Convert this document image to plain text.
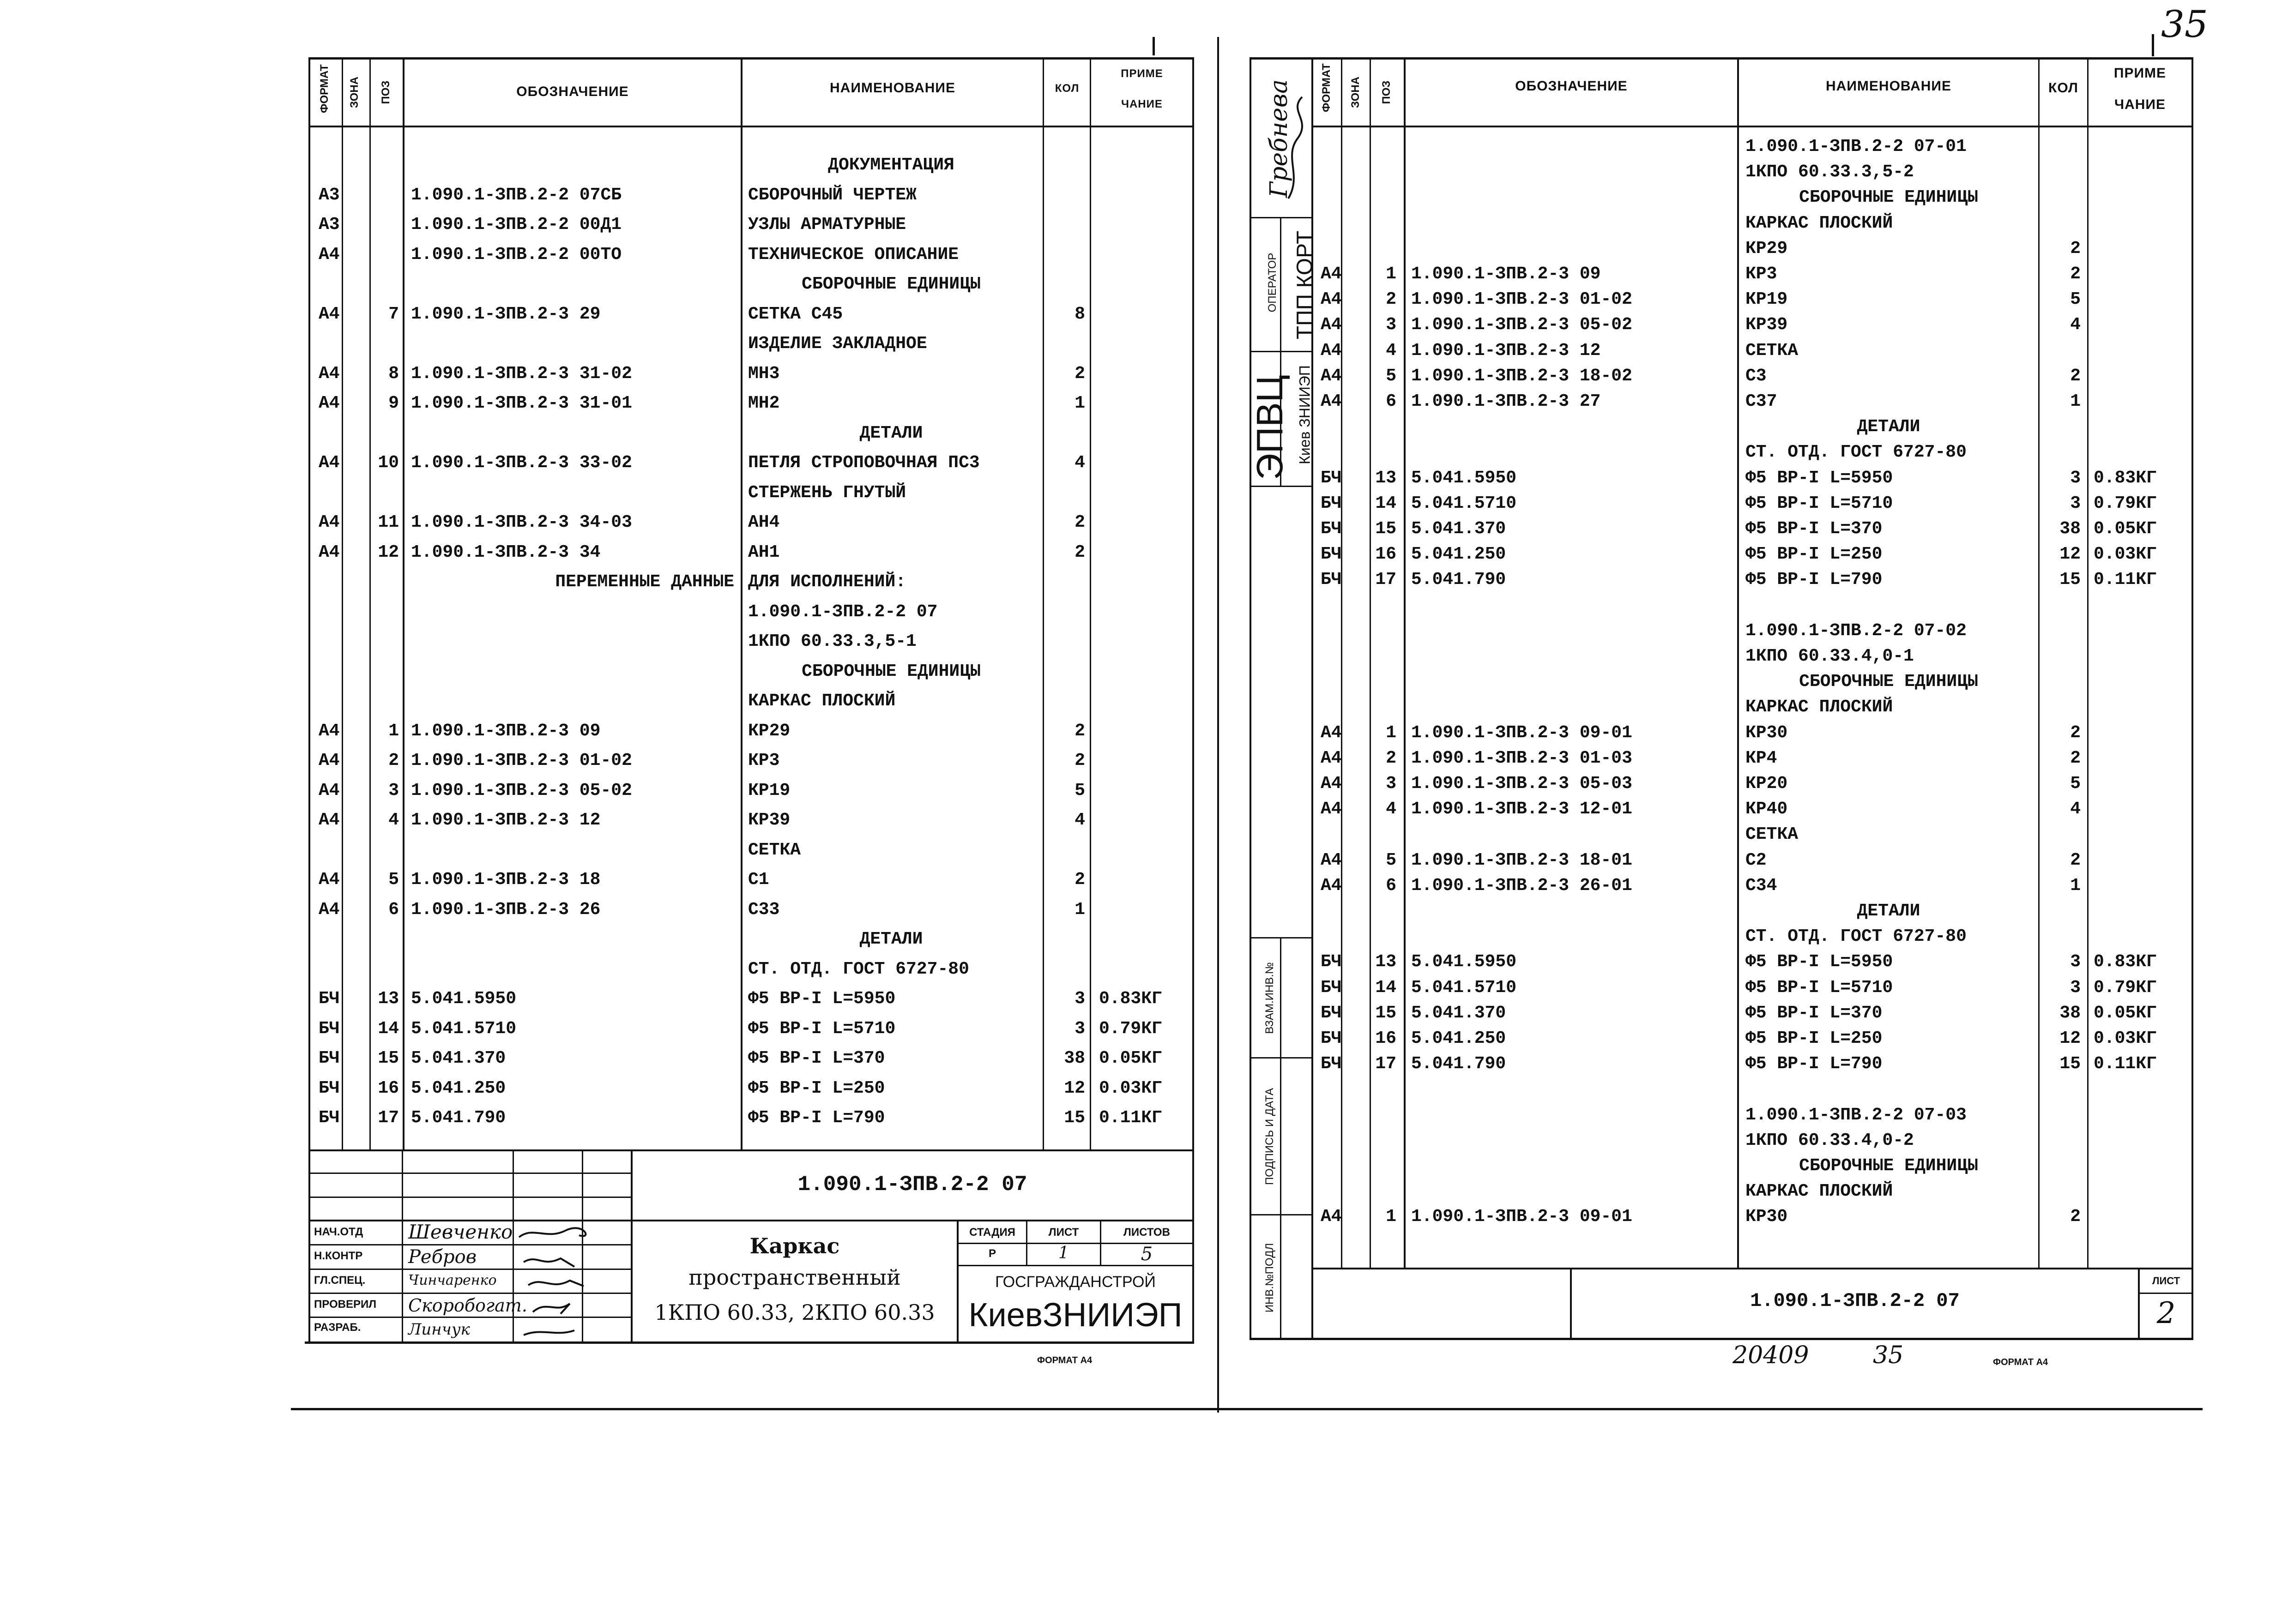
ФОРМАТ ЗОНА ПОЗ	ОБОЗНАЧЕНИЕ	НАИМЕНОВАНИЕ	КОЛ
ПРИМЕ
ЧАНИЕ
ДОКУМЕНТАЦИЯ
А3	1.090.1-ЗПВ.2-2 07СБ	СБОРОЧНЫЙ ЧЕРТЕЖ
А3	1.090.1-ЗПВ.2-2 00Д1	УЗЛЫ АРМАТУРНЫЕ
А4	1.090.1-ЗПВ.2-2 00ТО	ТЕХНИЧЕСКОЕ ОПИСАНИЕ
СБОРОЧНЫЕ ЕДИНИЦЫ
А4	7 1.090.1-ЗПВ.2-3 29	СЕТКА С45	8
ИЗДЕЛИЕ ЗАКЛАДНОЕ
А4	8 1.090.1-ЗПВ.2-3 31-02	МН3	2
А4	9 1.090.1-ЗПВ.2-3 31-01	МН2	1
ДЕТАЛИ
А4	10 1.090.1-ЗПВ.2-3 33-02	ПЕТЛЯ СТРОПОВОЧНАЯ ПС3	4
СТЕРЖЕНЬ ГНУТЫЙ
А4	11 1.090.1-ЗПВ.2-3 34-03	АН4	2
А4	12 1.090.1-ЗПВ.2-3 34	АН1	2
ПЕРЕМЕННЫЕ ДАННЫЕ ДЛЯ ИСПОЛНЕНИЙ:
1.090.1-ЗПВ.2-2 07
1КПО 60.33.3,5-1
СБОРОЧНЫЕ ЕДИНИЦЫ
КАРКАС ПЛОСКИЙ
А4	1 1.090.1-ЗПВ.2-3 09	КР29	2
А4	2 1.090.1-ЗПВ.2-3 01-02	КР3	2
А4	3 1.090.1-ЗПВ.2-3 05-02	КР19	5
А4	4 1.090.1-ЗПВ.2-3 12	КР39	4
СЕТКА
А4	5 1.090.1-ЗПВ.2-3 18	С1	2
А4	6 1.090.1-ЗПВ.2-3 26	С33	1
ДЕТАЛИ
СТ. ОТД. ГОСТ 6727-80
БЧ	13 5.041.5950	Ф5 ВР-I L=5950	3 0.83КГ
БЧ	14 5.041.5710	Ф5 ВР-I L=5710	3 0.79КГ
БЧ	15 5.041.370	Ф5 ВР-I L=370	38 0.05КГ
БЧ	16 5.041.250	Ф5 ВР-I L=250	12 0.03КГ
БЧ	17 5.041.790	Ф5 ВР-I L=790	15 0.11КГ
1.090.1-ЗПВ.2-2 07
НАЧ.ОТД
Н.КОНТР
ГЛ.СПЕЦ.
ПРОВЕРИЛ
РАЗРАБ.
Шевченко
Ребров
Чинчаренко
Скоробогат.
Линчук
Каркас
пространственный
1КПО 60.33, 2КПО 60.33
СТАДИЯ	ЛИСТ	ЛИСТОВ
Р	1	5
ГОСГРАЖДАНСТРОЙ
КиевЗНИИЭП
ФОРМАТ А4
35
1.090.1-ЗПВ.2-2 07
ЛИСТ
2
20409	35	ФОРМАТ А4
ФОРМАТ ЗОНА ПОЗ	ОБОЗНАЧЕНИЕ	НАИМЕНОВАНИЕ	КОЛ
ПРИМЕ
ЧАНИЕ
1.090.1-ЗПВ.2-2 07-01
1КПО 60.33.3,5-2
СБОРОЧНЫЕ ЕДИНИЦЫ
КАРКАС ПЛОСКИЙ
КР29	2
А4	1 1.090.1-ЗПВ.2-3 09	КР3	2
А4	2 1.090.1-ЗПВ.2-3 01-02	КР19	5
А4	3 1.090.1-ЗПВ.2-3 05-02	КР39	4
А4	4 1.090.1-ЗПВ.2-3 12	СЕТКА
А4	5 1.090.1-ЗПВ.2-3 18-02	С3	2
А4	6 1.090.1-ЗПВ.2-3 27	С37	1
ДЕТАЛИ
СТ. ОТД. ГОСТ 6727-80
БЧ	13 5.041.5950	Ф5 ВР-I L=5950	3 0.83КГ
БЧ	14 5.041.5710	Ф5 ВР-I L=5710	3 0.79КГ
БЧ	15 5.041.370	Ф5 ВР-I L=370	38 0.05КГ
БЧ	16 5.041.250	Ф5 ВР-I L=250	12 0.03КГ
БЧ	17 5.041.790	Ф5 ВР-I L=790	15 0.11КГ
1.090.1-ЗПВ.2-2 07-02
1КПО 60.33.4,0-1
СБОРОЧНЫЕ ЕДИНИЦЫ
КАРКАС ПЛОСКИЙ
А4	1 1.090.1-ЗПВ.2-3 09-01	КР30	2
А4	2 1.090.1-ЗПВ.2-3 01-03	КР4	2
А4	3 1.090.1-ЗПВ.2-3 05-03	КР20	5
А4	4 1.090.1-ЗПВ.2-3 12-01	КР40	4
СЕТКА
А4	5 1.090.1-ЗПВ.2-3 18-01	С2	2
А4	6 1.090.1-ЗПВ.2-3 26-01	С34	1
ДЕТАЛИ
СТ. ОТД. ГОСТ 6727-80
БЧ	13 5.041.5950	Ф5 ВР-I L=5950	3 0.83КГ
БЧ	14 5.041.5710	Ф5 ВР-I L=5710	3 0.79КГ
БЧ	15 5.041.370	Ф5 ВР-I L=370	38 0.05КГ
БЧ	16 5.041.250	Ф5 ВР-I L=250	12 0.03КГ
БЧ	17 5.041.790	Ф5 ВР-I L=790	15 0.11КГ
1.090.1-ЗПВ.2-2 07-03
1КПО 60.33.4,0-2
СБОРОЧНЫЕ ЕДИНИЦЫ
КАРКАС ПЛОСКИЙ
А4	1 1.090.1-ЗПВ.2-3 09-01	КР30	2
Гребнева
ОПЕРАТОР ТПП КОРТ
ЭПВЦ Киев ЗНИИЭП
ВЗАМ.ИНВ.№
ПОДПИСЬ И ДАТА
ИНВ.№ПОДЛ
